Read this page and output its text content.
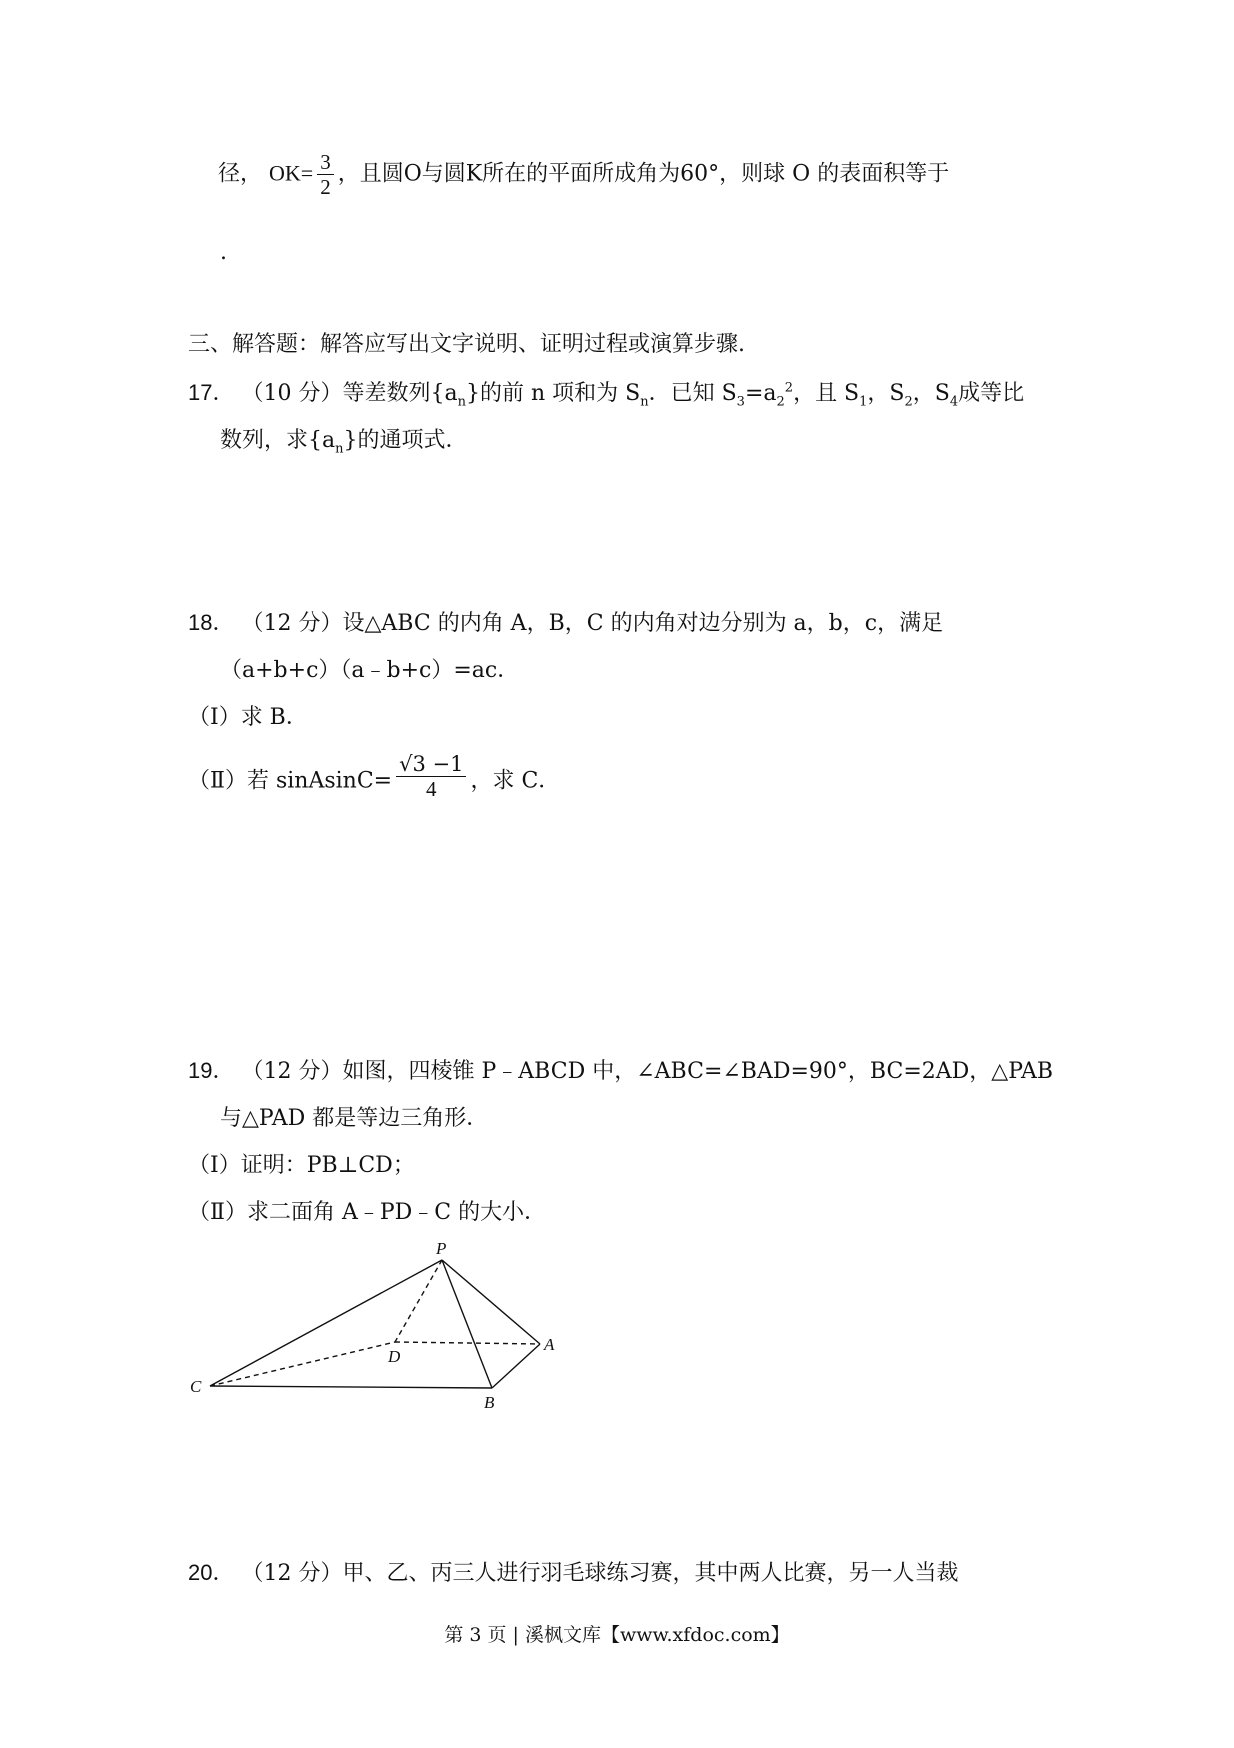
径， $OK= \frac{3}{2}$ ，且圆O与圆K所在的平面所成角为60°，则球 O 的表面积等于
.
三、解答题：解答应写出文字说明、证明过程或演算步骤.
17． （10 分）等差数列$\{a_n\}$的前 n 项和为 $S_n$．已知 $S_3=a_2^2$，且 $S_1$，$S_2$，$S_4$成等比
数列，求$\{a_n\}$的通项式．
18． （12 分）设△ABC 的内角 A，B，C 的内角对边分别为 a，b，c，满足
（a+b+c）（a﹣b+c）=ac．
（Ⅰ）求 B．
（Ⅱ）若 sinAsinC= $\frac{√3 -1}{4}$ ，求 C．
19． （12 分）如图，四棱锥 P﹣ABCD 中，∠ABC=∠BAD=90°，BC=2AD，△PAB
与△PAD 都是等边三角形．
（Ⅰ）证明：PB⊥CD；
（Ⅱ）求二面角 A﹣PD﹣C 的大小．
P
A
B
C
D
20． （12 分）甲、乙、丙三人进行羽毛球练习赛，其中两人比赛，另一人当裁
第 3 页 | 溪枫文库【www.xfdoc.com】
